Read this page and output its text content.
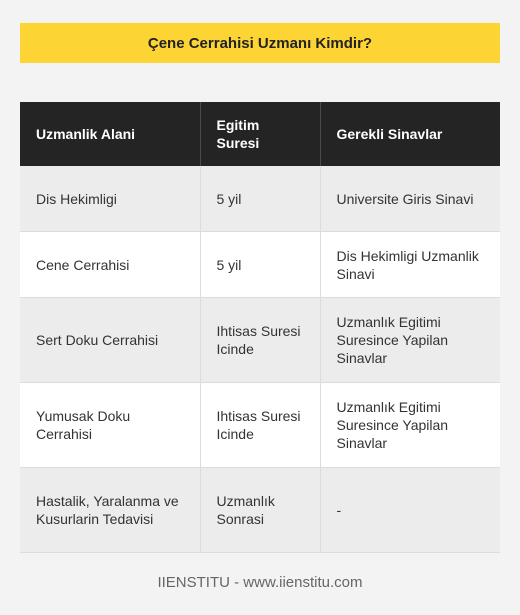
Çene Cerrahisi Uzmanı Kimdir?
Uzmanlik Alani	Egitim Suresi	Gerekli Sinavlar
Dis Hekimligi	5 yil	Universite Giris Sinavi
Cene Cerrahisi	5 yil	Dis Hekimligi Uzmanlik Sinavi
Sert Doku Cerrahisi	Ihtisas Suresi Icinde	Uzmanlık Egitimi Suresince Yapilan Sinavlar
Yumusak Doku Cerrahisi	Ihtisas Suresi Icinde	Uzmanlık Egitimi Suresince Yapilan Sinavlar
Hastalik, Yaralanma ve Kusurlarin Tedavisi	Uzmanlık Sonrasi	-
IIENSTITU - www.iienstitu.com
